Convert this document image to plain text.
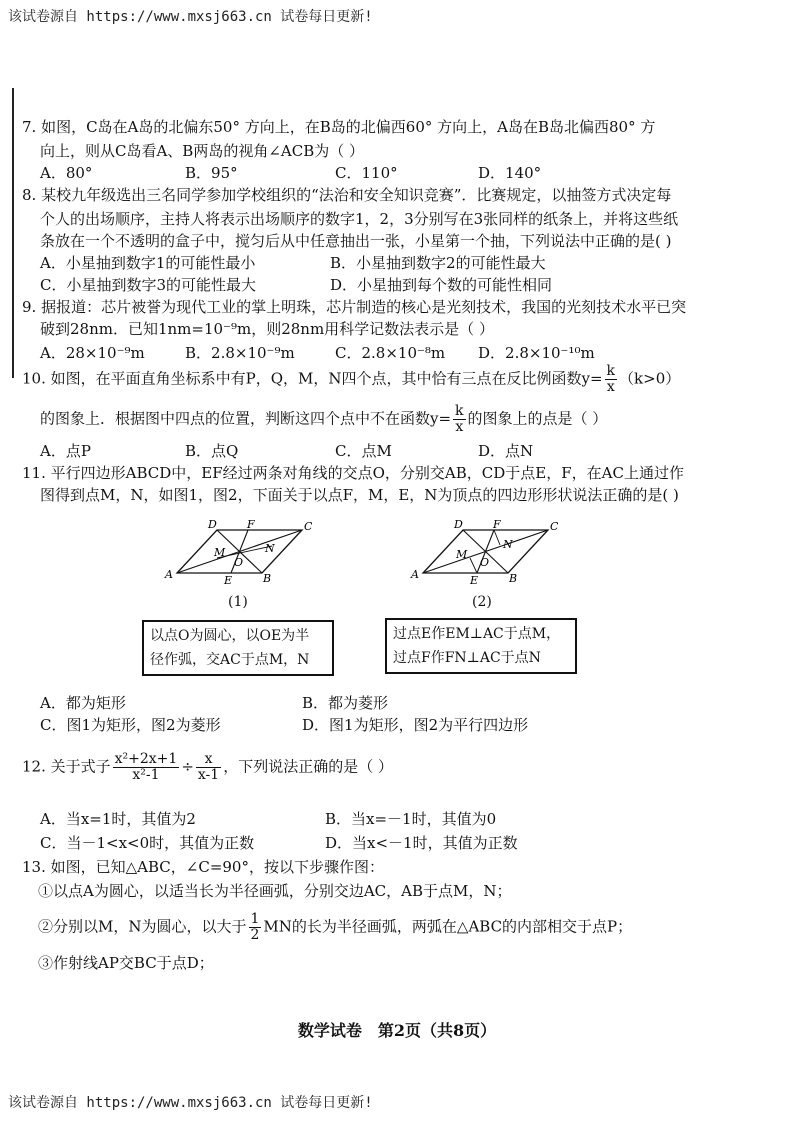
该试卷源自 https://www.mxsj663.cn 试卷每日更新!
7. 如图，C岛在A岛的北偏东50° 方向上，在B岛的北偏西60° 方向上，A岛在B岛北偏西80° 方
向上，则从C岛看A、B两岛的视角∠ACB为（ ）
A．80°	B．95°	C．110°	D．140°
8. 某校九年级选出三名同学参加学校组织的“法治和安全知识竞赛”．比赛规定，以抽签方式决定每
个人的出场顺序，主持人将表示出场顺序的数字1，2，3分别写在3张同样的纸条上，并将这些纸
条放在一个不透明的盒子中，搅匀后从中任意抽出一张，小星第一个抽，下列说法中正确的是( )
A．小星抽到数字1的可能性最小	B．小星抽到数字2的可能性最大
C．小星抽到数字3的可能性最大	D．小星抽到每个数的可能性相同
9. 据报道：芯片被誉为现代工业的掌上明珠，芯片制造的核心是光刻技术，我国的光刻技术水平已突
破到28nm．已知1nm=10⁻⁹m，则28nm用科学记数法表示是（ ）
A．28×10⁻⁹m	B．2.8×10⁻⁹m	C．2.8×10⁻⁸m D．2.8×10⁻¹⁰m
10. 如图，在平面直角坐标系中有P，Q，M，N四个点，其中恰有三点在反比例函数$y= \frac{k}{x} (k>0)$
的图象上．根据图中四点的位置，判断这四个点中不在函数$y= \frac{k}{x}$ 的图象上的点是（ ）
A．点P	B．点Q	C．点M	D．点N
11. 平行四边形ABCD中，EF经过两条对角线的交点O，分别交AB，CD于点E，F，在AC上通过作
图得到点M，N，如图1，图2，下面关于以点F，M，E，N为顶点的四边形形状说法正确的是( )
A	B
C
D
E
F
M	N
O
(1)
A	B
C
D
E
F
M
N
O
(2)
以点O为圆心，以OE为半
径作弧，交AC于点M，N
过点E作EM⊥AC于点M，
过点F作FN⊥AC于点N
A．都为矩形	B．都为菱形
C．图1为矩形，图2为菱形	D．图1为矩形，图2为平行四边形
12. 关于式子 $\frac{\text{x²+2x+1}}{\text{x²-1}} \div \frac{x}{x-1}$ ，下列说法正确的是（ ）
A．当x=1时，其值为2	B．当x=－1时，其值为0
C．当－1<x<0时，其值为正数	D．当x<－1时，其值为正数
13. 如图，已知△ABC，∠C=90°，按以下步骤作图：
①以点A为圆心，以适当长为半径画弧，分别交边AC，AB于点M，N；
②分别以M，N为圆心，以大于 $\frac{1}{2}$ MN的长为半径画弧，两弧在△ABC的内部相交于点P；
③作射线AP交BC于点D；
数学试卷　第2页（共8页）
该试卷源自 https://www.mxsj663.cn 试卷每日更新!
